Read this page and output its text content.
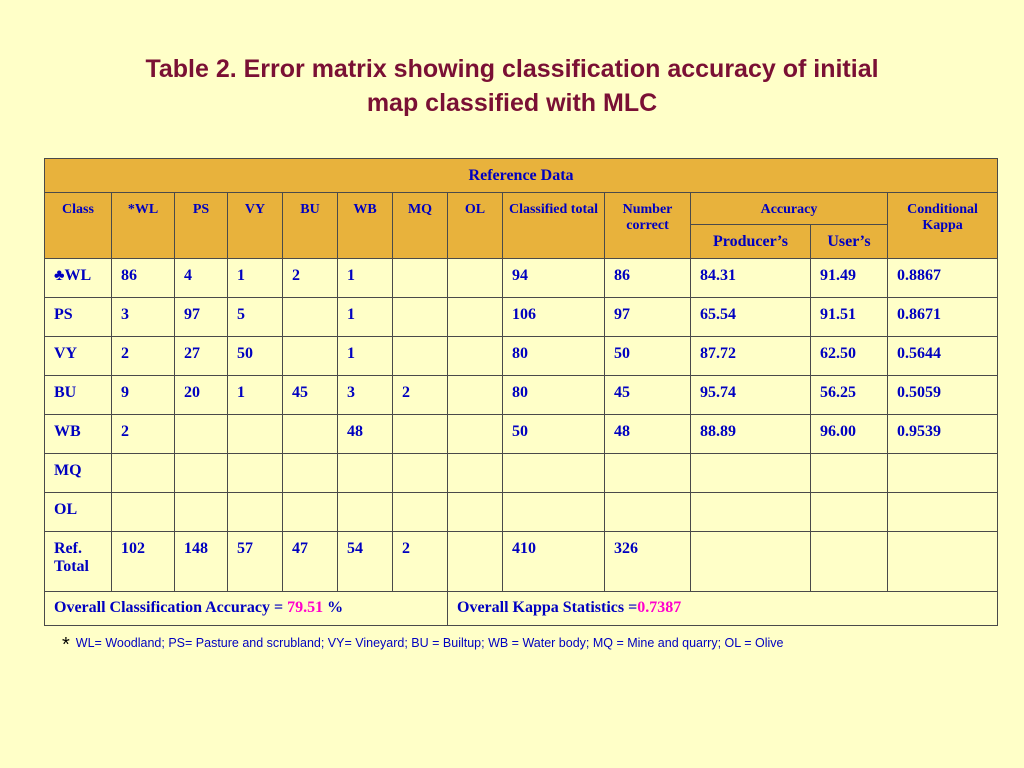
Table 2. Error matrix showing classification accuracy of initial
map classified with MLC
Reference Data												
Class	*WL	PS	VY	BU	WB	MQ	OL	Classified total	Number correct	Accuracy		Conditional Kappa
										Producer’s	User’s	
♣WL	86	4	1	2	1			94	86	84.31	91.49	0.8867
PS	3	97	5		1			106	97	65.54	91.51	0.8671
VY	2	27	50		1			80	50	87.72	62.50	0.5644
BU	9	20	1	45	3	2		80	45	95.74	56.25	0.5059
WB	2				48			50	48	88.89	96.00	0.9539
MQ												
OL												
Ref. Total	102	148	57	47	54	2		410	326			
Overall Classification Accuracy = 79.51 %							Overall Kappa Statistics =0.7387					
* WL= Woodland; PS= Pasture and scrubland; VY= Vineyard; BU = Builtup; WB = Water body; MQ = Mine and quarry; OL = Olive
